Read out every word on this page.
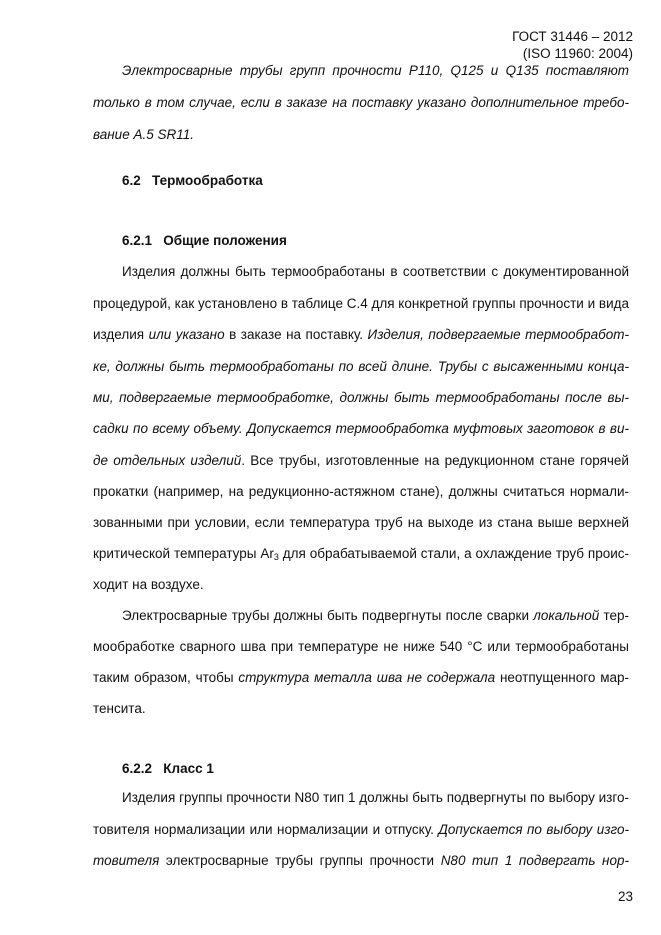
ГОСТ 31446 – 2012
(ISO 11960: 2004)
Электросварные трубы групп прочности Р110, Q125 и Q135 поставляют
только в том случае, если в заказе на поставку указано дополнительное требо-
вание А.5 SR11.
6.2 Термообработка
6.2.1 Общие положения
Изделия должны быть термообработаны в соответствии с документированной
процедурой, как установлено в таблице С.4 для конкретной группы прочности и вида
изделия или указано в заказе на поставку. Изделия, подвергаемые термообработ-
ке, должны быть термообработаны по всей длине. Трубы с высаженными конца-
ми, подвергаемые термообработке, должны быть термообработаны после вы-
садки по всему объему. Допускается термообработка муфтовых заготовок в ви-
де отдельных изделий. Все трубы, изготовленные на редукционном стане горячей
прокатки (например, на редукционно-астяжном стане), должны считаться нормали-
зованными при условии, если температура труб на выходе из стана выше верхней
критической температуры $Ar_3$ для обрабатываемой стали, а охлаждение труб проис-
ходит на воздухе.
Электросварные трубы должны быть подвергнуты после сварки локальной тер-
мообработке сварного шва при температуре не ниже 540 °С или термообработаны
таким образом, чтобы структура металла шва не содержала неотпущенного мар-
тенсита.
6.2.2 Класс 1
Изделия группы прочности N80 тип 1 должны быть подвергнуты по выбору изго-
товителя нормализации или нормализации и отпуску. Допускается по выбору изго-
товителя электросварные трубы группы прочности N80 тип 1 подвергать нор-
23
